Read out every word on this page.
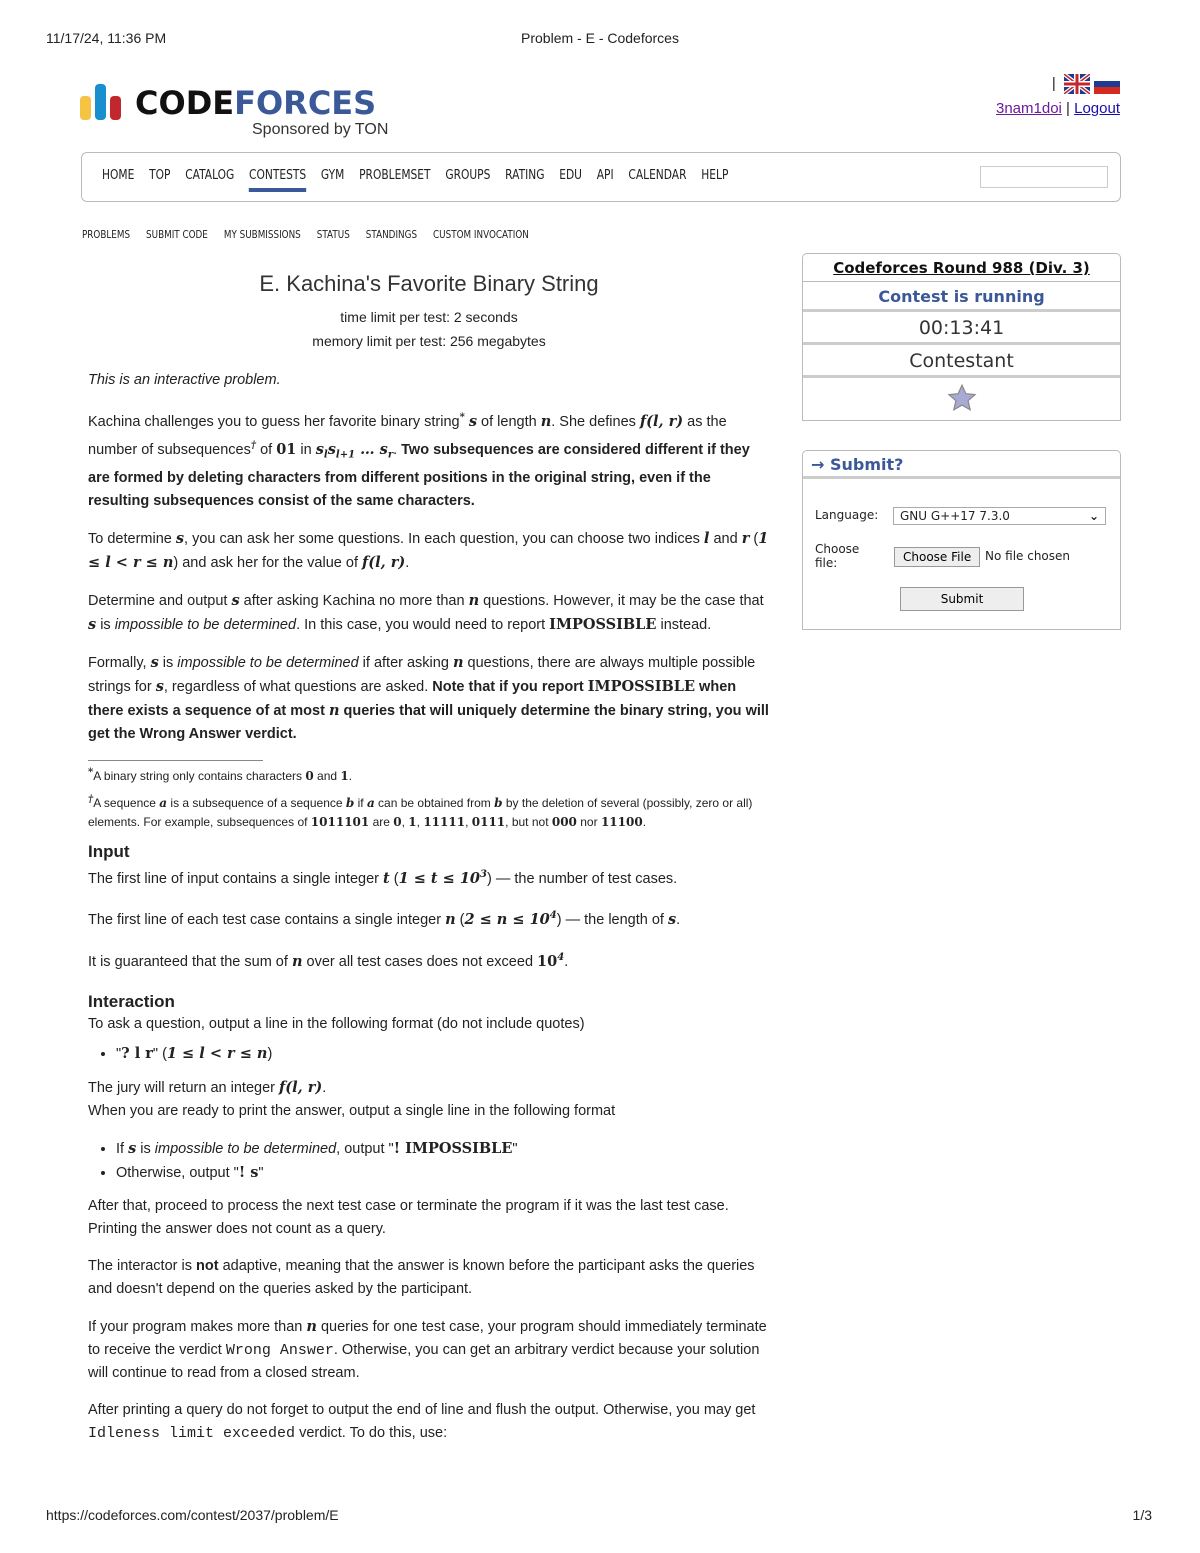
11/17/24, 11:36 PM	Problem - E - Codeforces
CODE FORCES
Sponsored by TON
|
3nam1doi | Logout
HOME TOP CATALOG CONTESTS GYM PROBLEMSET GROUPS RATING EDU API CALENDAR HELP
PROBLEMS SUBMIT CODE MY SUBMISSIONS STATUS STANDINGS CUSTOM INVOCATION
E. Kachina's Favorite Binary String
time limit per test: 2 seconds
memory limit per test: 256 megabytes

This is an interactive problem.

Kachina challenges you to guess her favorite binary string* s of length n. She defines f(l, r) as the number of subsequences† of 01 in $s_ls_{l+1}$ … $s_r$. Two subsequences are considered different if they are formed by deleting characters from different positions in the original string, even if the resulting subsequences consist of the same characters.

To determine s, you can ask her some questions. In each question, you can choose two indices l and r (1 ≤ l < r ≤ n) and ask her for the value of f(l, r).

Determine and output s after asking Kachina no more than n questions. However, it may be the case that s is impossible to be determined. In this case, you would need to report IMPOSSIBLE instead.

Formally, s is impossible to be determined if after asking n questions, there are always multiple possible strings for s, regardless of what questions are asked. Note that if you report IMPOSSIBLE when there exists a sequence of at most n queries that will uniquely determine the binary string, you will get the Wrong Answer verdict.

*A binary string only contains characters 0 and 1.

†A sequence a is a subsequence of a sequence b if a can be obtained from b by the deletion of several (possibly, zero or all) elements. For example, subsequences of 1011101 are 0, 1, 11111, 0111, but not 000 nor 11100.

Input

The first line of input contains a single integer t $(1 \le t \le 10^3)$ — the number of test cases.

The first line of each test case contains a single integer n $(2 \le n \le 10^4)$ — the length of s.

It is guaranteed that the sum of n over all test cases does not exceed $10^4$.

Interaction

To ask a question, output a line in the following format (do not include quotes)

• "? l r" (1 ≤ l < r ≤ n)

The jury will return an integer f(l, r).
When you are ready to print the answer, output a single line in the following format

• If s is impossible to be determined, output "! IMPOSSIBLE"
• Otherwise, output "! s"

After that, proceed to process the next test case or terminate the program if it was the last test case. Printing the answer does not count as a query.

The interactor is not adaptive, meaning that the answer is known before the participant asks the queries and doesn't depend on the queries asked by the participant.

If your program makes more than n queries for one test case, your program should immediately terminate to receive the verdict Wrong Answer. Otherwise, you can get an arbitrary verdict because your solution will continue to read from a closed stream.

After printing a query do not forget to output the end of line and flush the output. Otherwise, you may get Idleness limit exceeded verdict. To do this, use:

Codeforces Round 988 (Div. 3)
Contest is running
00:13:41
Contestant
→ Submit?
Language:	GNU G++17 7.3.0	⌄
Choose file:	Choose File	No file chosen
Submit
https://codeforces.com/contest/2037/problem/E	1/3
